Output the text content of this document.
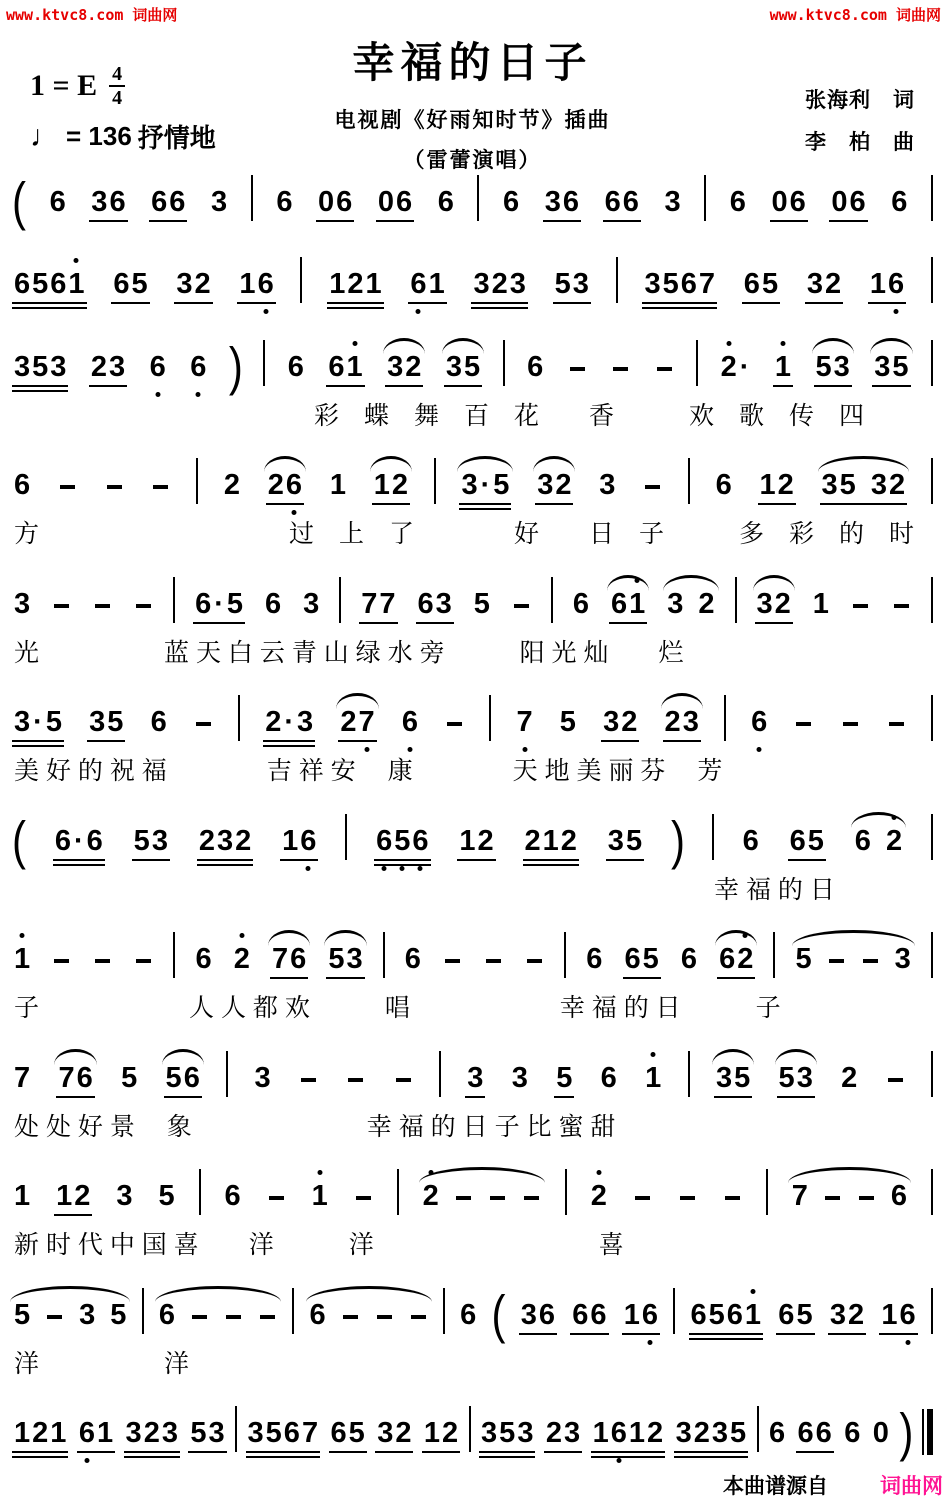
www.ktvc8.com 词曲网	www.ktvc8.com 词曲网
幸福的日子
电视剧《好雨知时节》插曲
（雷蕾演唱）
1 = E $\frac{4}{4}$
♩ = 136 抒情地
张海利　词
李　柏　曲
( 6 3 6 6 6 3 6 0 6 0 6 6 6 3 6 6 6 3 6 0 6 0 6 6
6 5 6 1 6 5 3 2 1 6 1 2 1 6 1 3 2 3 5 3 3 5 6 7 6 5 3 2 1 6
3 5 3 2 3 6 6 ) 6 6 1 3 2 3 5 6	2 · 1 5 3 3 5
　　　　　　　　　　　　彩　蝶　舞　百　花　　香　　　欢　歌　传　四
6	2 2 6 1 1 2 3 · 5 3 2 3	6 1 2 3 5 3 2
方　　　　　　　　　　过　上　了　　　　好　　日　子　　　多　彩　的　时
3	6 · 5 6 3 7 7 6 3 5	6 6 1 3 2 3 2 1
光　　　　　蓝 天 白 云 青 山 绿 水 旁　　　阳 光 灿　　烂
3 · 5 3 5 6	2 · 3 2 7 6	7 5 3 2 2 3 6
美 好 的 祝 福　　　　吉 祥 安　 康　　　　天 地 美 丽 芬　 芳
( 6 · 6 5 3 2 3 2 1 6 6 5 6 1 2 2 1 2 3 5 ) 6 6 5 6 2
　　　　　　　　　　　　　　　　　　　　　　　　　　　　幸 福 的 日
1	6 2 7 6 5 3 6	6 6 5 6 6 2 5	3
子　　　　　　人 人 都 欢　　　唱　　　　　　幸 福 的 日　　　子
7 7 6 5 5 6 3	3 3 5 6 1 3 5 5 3 2
处 处 好 景　 象　　　　　　　幸 福 的 日 子 比 蜜 甜
1 1 2 3 5 6 1	2	2	7	6
新 时 代 中 国 喜　　洋　　　洋　　　　　　　　　喜
5 3 5 6	6	6 ( 3 6 6 6 1 6 6 5 6 1 6 5 3 2 1 6
洋　　　　　洋
1 2 1 6 1 3 2 3 5 3 3 5 6 7 6 5 3 2 1 2 3 5 3 2 3 1 6 1 2 3 2 3 5 6 6 6 6 0 )
本曲谱源自 词曲网
